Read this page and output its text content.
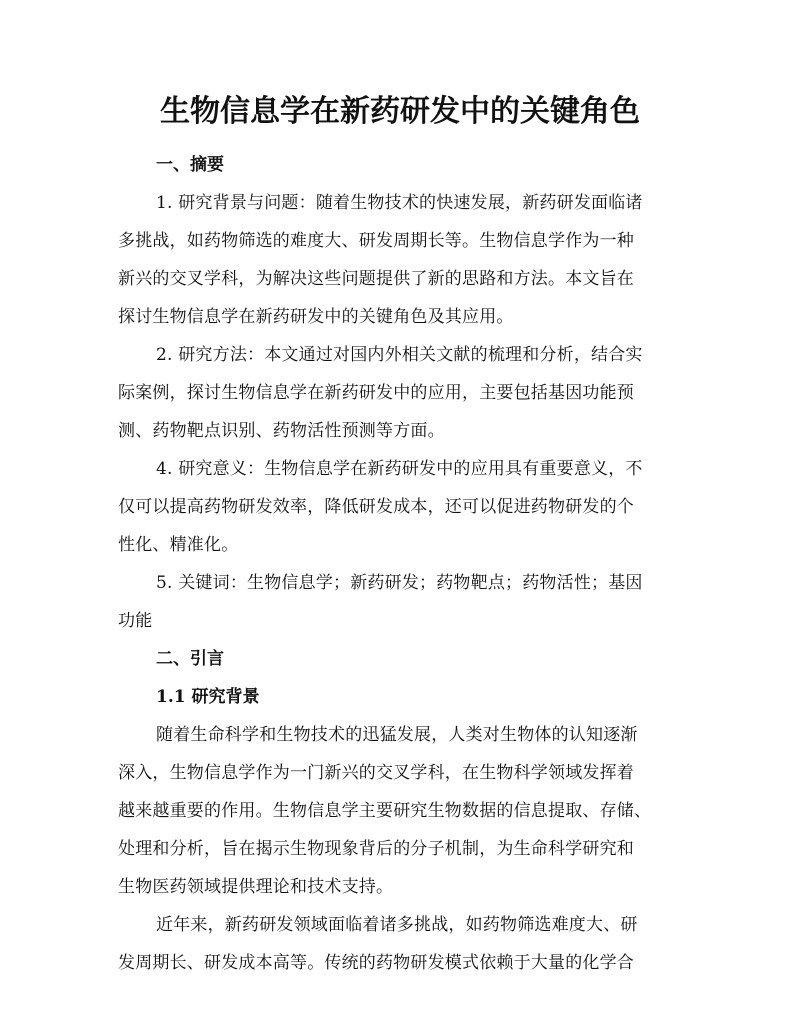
生物信息学在新药研发中的关键角色
一、摘要
1. 研究背景与问题：随着生物技术的快速发展，新药研发面临诸
多挑战，如药物筛选的难度大、研发周期长等。生物信息学作为一种
新兴的交叉学科，为解决这些问题提供了新的思路和方法。本文旨在
探讨生物信息学在新药研发中的关键角色及其应用。
2. 研究方法：本文通过对国内外相关文献的梳理和分析，结合实
际案例，探讨生物信息学在新药研发中的应用，主要包括基因功能预
测、药物靶点识别、药物活性预测等方面。
4. 研究意义：生物信息学在新药研发中的应用具有重要意义，不
仅可以提高药物研发效率，降低研发成本，还可以促进药物研发的个
性化、精准化。
5. 关键词：生物信息学；新药研发；药物靶点；药物活性；基因
功能
二、引言
1.1 研究背景
随着生命科学和生物技术的迅猛发展，人类对生物体的认知逐渐
深入，生物信息学作为一门新兴的交叉学科，在生物科学领域发挥着
越来越重要的作用。生物信息学主要研究生物数据的信息提取、存储、
处理和分析，旨在揭示生物现象背后的分子机制，为生命科学研究和
生物医药领域提供理论和技术支持。
近年来，新药研发领域面临着诸多挑战，如药物筛选难度大、研
发周期长、研发成本高等。传统的药物研发模式依赖于大量的化学合
